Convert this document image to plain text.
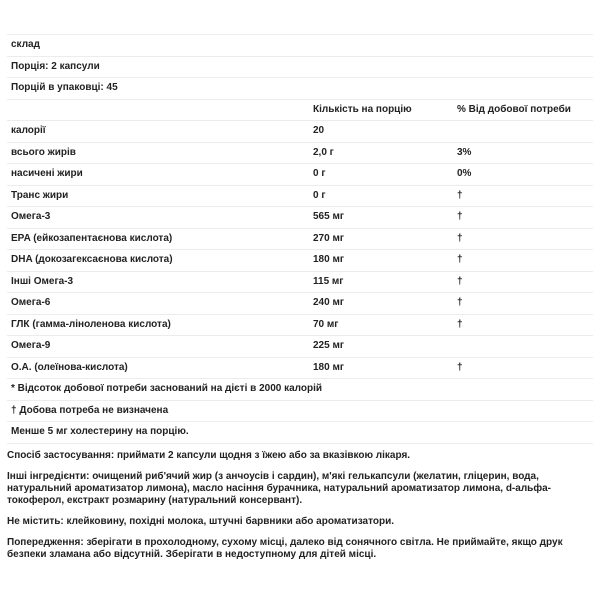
склад		
Порція: 2 капсули		
Порцій в упаковці: 45		
	Кількість на порцію	% Від добової потреби
калорії	20	
всього жирів	2,0 г	3%
насичені жири	0 г	0%
Транс жири	0 г	†
Омега-3	565 мг	†
EPA (ейкозапентаєнова кислота)	270 мг	†
DHA (докозагексаєнова кислота)	180 мг	†
Інші Омега-3	115 мг	†
Омега-6	240 мг	†
ГЛК (гамма-ліноленова кислота)	70 мг	†
Омега-9	225 мг	
О.А. (олеїнова-кислота)	180 мг	†
* Відсоток добової потреби заснований на дієті в 2000 калорій		
† Добова потреба не визначена		
Менше 5 мг холестерину на порцію.		

Спосіб застосування: приймати 2 капсули щодня з їжею або за вказівкою лікаря.

Інші інгредієнти: очищений риб'ячий жир (з анчоусів і сардин), м'які гелькапсули (желатин, гліцерин, вода, натуральний ароматизатор лимона), масло насіння бурачника, натуральний ароматизатор лимона, d-альфа-токоферол, екстракт розмарину (натуральний консервант).

Не містить: клейковину, похідні молока, штучні барвники або ароматизатори.

Попередження: зберігати в прохолодному, сухому місці, далеко від сонячного світла. Не приймайте, якщо друк безпеки зламана або відсутній. Зберігати в недоступному для дітей місці.
